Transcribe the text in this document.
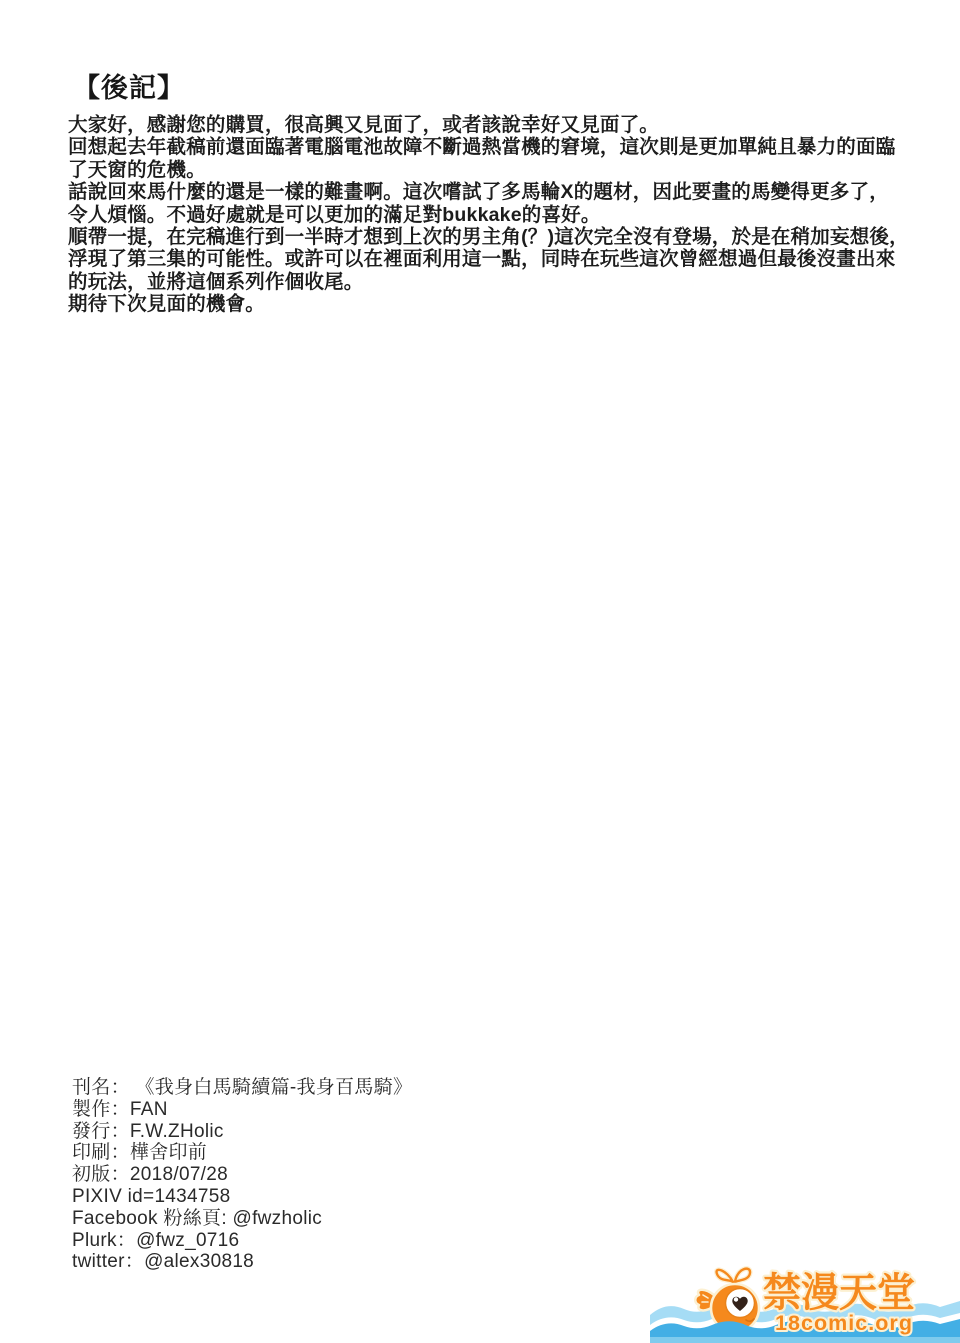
【後記】
大家好，感謝您的購買，很高興又見面了，或者該說幸好又見面了。
回想起去年截稿前還面臨著電腦電池故障不斷過熱當機的窘境，這次則是更加單純且暴力的面臨
了天窗的危機。
話說回來馬什麼的還是一樣的難畫啊。這次嚐試了多馬輪X的題材，因此要畫的馬變得更多了，
令人煩惱。不過好處就是可以更加的滿足對bukkake的喜好。
順帶一提，在完稿進行到一半時才想到上次的男主角(？)這次完全沒有登場，於是在稍加妄想後，
浮現了第三集的可能性。或許可以在裡面利用這一點，同時在玩些這次曾經想過但最後沒畫出來
的玩法，並將這個系列作個收尾。
期待下次見面的機會。
刊名： 《我身白馬騎續篇-我身百馬騎》
製作：FAN
發行：F.W.ZHolic
印刷：樺舍印前
初版：2018/07/28
PIXIV id=1434758
Facebook 粉絲頁: @fwzholic
Plurk：@fwz_0716
twitter：@alex30818
禁漫天堂
18comic.org
